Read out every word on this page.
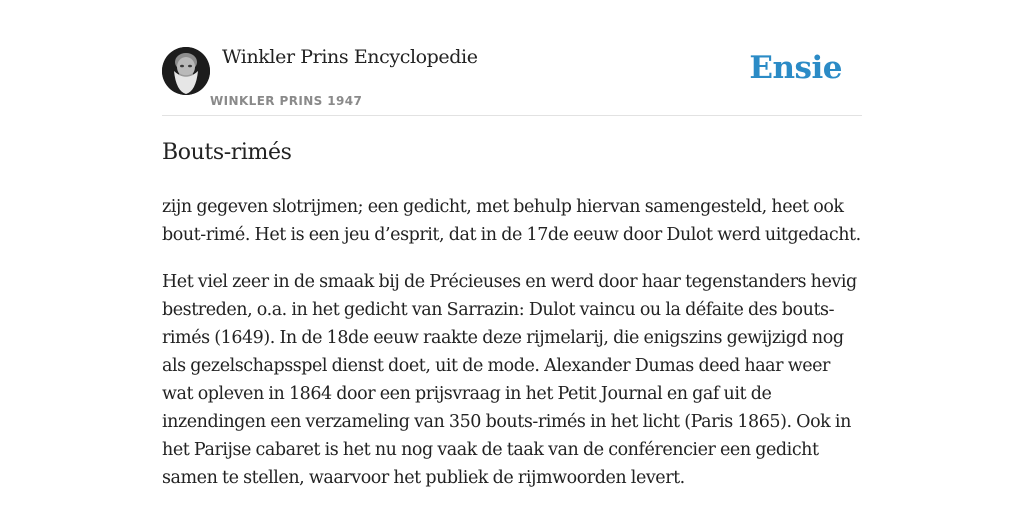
Winkler Prins Encyclopedie
WINKLER PRINS 1947
Ensie
Bouts-rimés

zijn gegeven slotrijmen; een gedicht, met behulp hiervan samengesteld, heet ook bout-rimé. Het is een jeu d’esprit, dat in de 17de eeuw door Dulot werd uitgedacht.

Het viel zeer in de smaak bij de Précieuses en werd door haar tegenstanders hevig bestreden, o.a. in het gedicht van Sarrazin: Dulot vaincu ou la défaite des bouts-rimés (1649). In de 18de eeuw raakte deze rijmelarij, die enigszins gewijzigd nog als gezelschapsspel dienst doet, uit de mode. Alexander Dumas deed haar weer wat opleven in 1864 door een prijsvraag in het Petit Journal en gaf uit de inzendingen een verzameling van 350 bouts-rimés in het licht (Paris 1865). Ook in het Parijse cabaret is het nu nog vaak de taak van de conférencier een gedicht samen te stellen, waarvoor het publiek de rijmwoorden levert.
